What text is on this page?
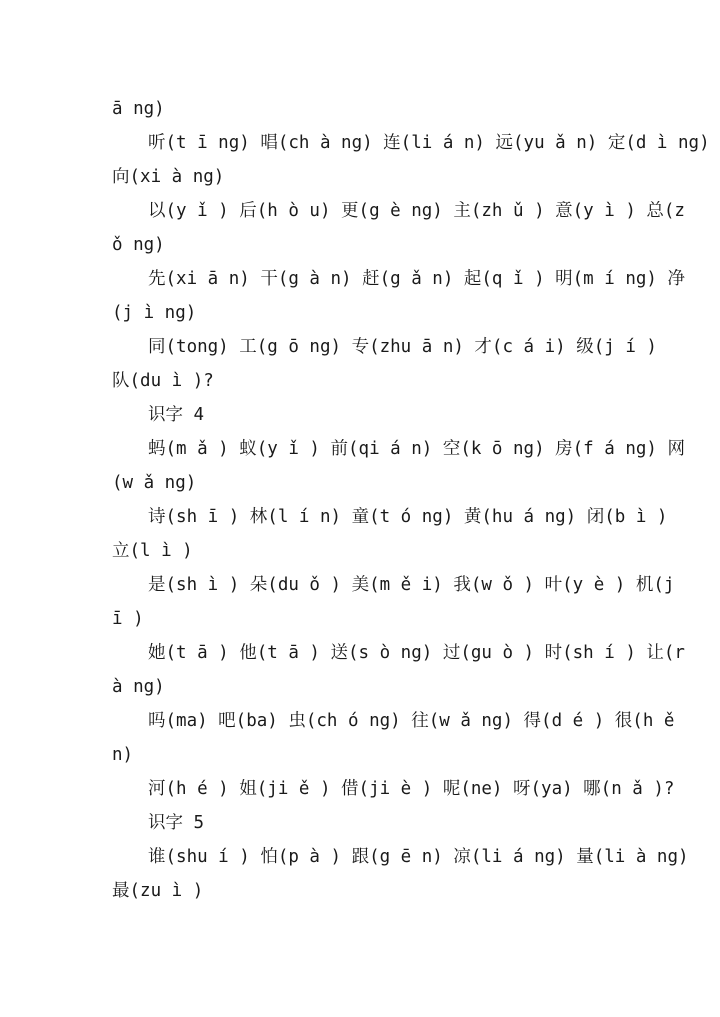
ā ng)
听(t ī ng) 唱(ch à ng) 连(li á n) 远(yu ǎ n) 定(d ì ng)
向(xi à ng)
以(y ǐ ) 后(h ò u) 更(g è ng) 主(zh ǔ ) 意(y ì ) 总(z
ǒ ng)
先(xi ā n) 干(g à n) 赶(g ǎ n) 起(q ǐ ) 明(m í ng) 净
(j ì ng)
同(tong) 工(g ō ng) 专(zhu ā n) 才(c á i) 级(j í )
队(du ì )?
识字 4
蚂(m ǎ ) 蚁(y ǐ ) 前(qi á n) 空(k ō ng) 房(f á ng) 网
(w ǎ ng)
诗(sh ī ) 林(l í n) 童(t ó ng) 黄(hu á ng) 闭(b ì )
立(l ì )
是(sh ì ) 朵(du ǒ ) 美(m ě i) 我(w ǒ ) 叶(y è ) 机(j
ī )
她(t ā ) 他(t ā ) 送(s ò ng) 过(gu ò ) 时(sh í ) 让(r
à ng)
吗(ma) 吧(ba) 虫(ch ó ng) 往(w ǎ ng) 得(d é ) 很(h ě
n)
河(h é ) 姐(ji ě ) 借(ji è ) 呢(ne) 呀(ya) 哪(n ǎ )?
识字 5
谁(shu í ) 怕(p à ) 跟(g ē n) 凉(li á ng) 量(li à ng)
最(zu ì )
